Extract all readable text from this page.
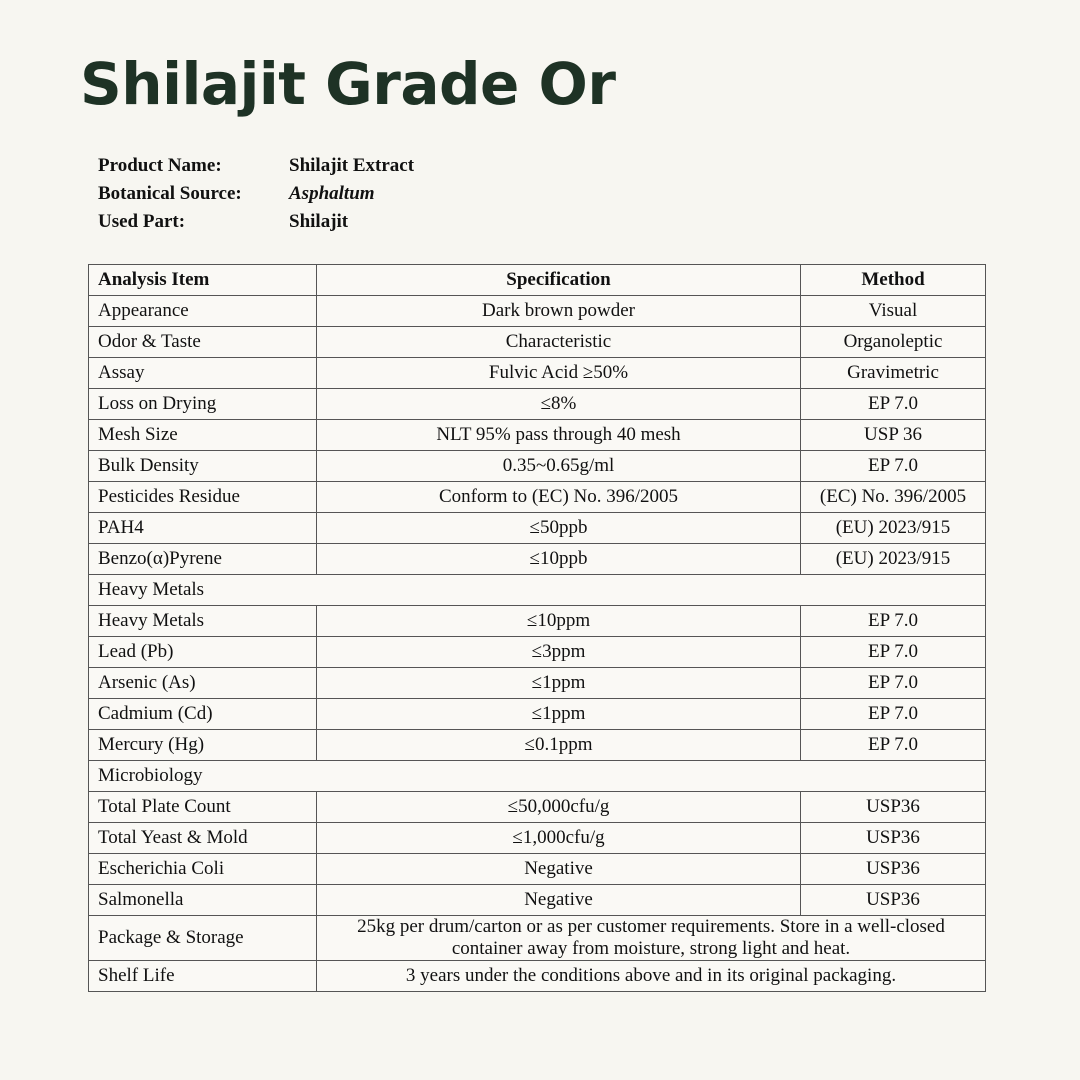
Shilajit Grade Or
Product Name:	Shilajit Extract
Botanical Source:	Asphaltum
Used Part:	Shilajit
Analysis Item	Specification	Method
Appearance	Dark brown powder	Visual
Odor & Taste	Characteristic	Organoleptic
Assay	Fulvic Acid ≥50%	Gravimetric
Loss on Drying	≤8%	EP 7.0
Mesh Size	NLT 95% pass through 40 mesh	USP 36
Bulk Density	0.35~0.65g/ml	EP 7.0
Pesticides Residue	Conform to (EC) No. 396/2005	(EC) No. 396/2005
PAH4	≤50ppb	(EU) 2023/915
Benzo(α)Pyrene	≤10ppb	(EU) 2023/915
Heavy Metals		
Heavy Metals	≤10ppm	EP 7.0
Lead (Pb)	≤3ppm	EP 7.0
Arsenic (As)	≤1ppm	EP 7.0
Cadmium (Cd)	≤1ppm	EP 7.0
Mercury (Hg)	≤0.1ppm	EP 7.0
Microbiology		
Total Plate Count	≤50,000cfu/g	USP36
Total Yeast & Mold	≤1,000cfu/g	USP36
Escherichia Coli	Negative	USP36
Salmonella	Negative	USP36
Package & Storage	25kg per drum/carton or as per customer requirements. Store in a well-closed container away from moisture, strong light and heat.	
Shelf Life	3 years under the conditions above and in its original packaging.	
